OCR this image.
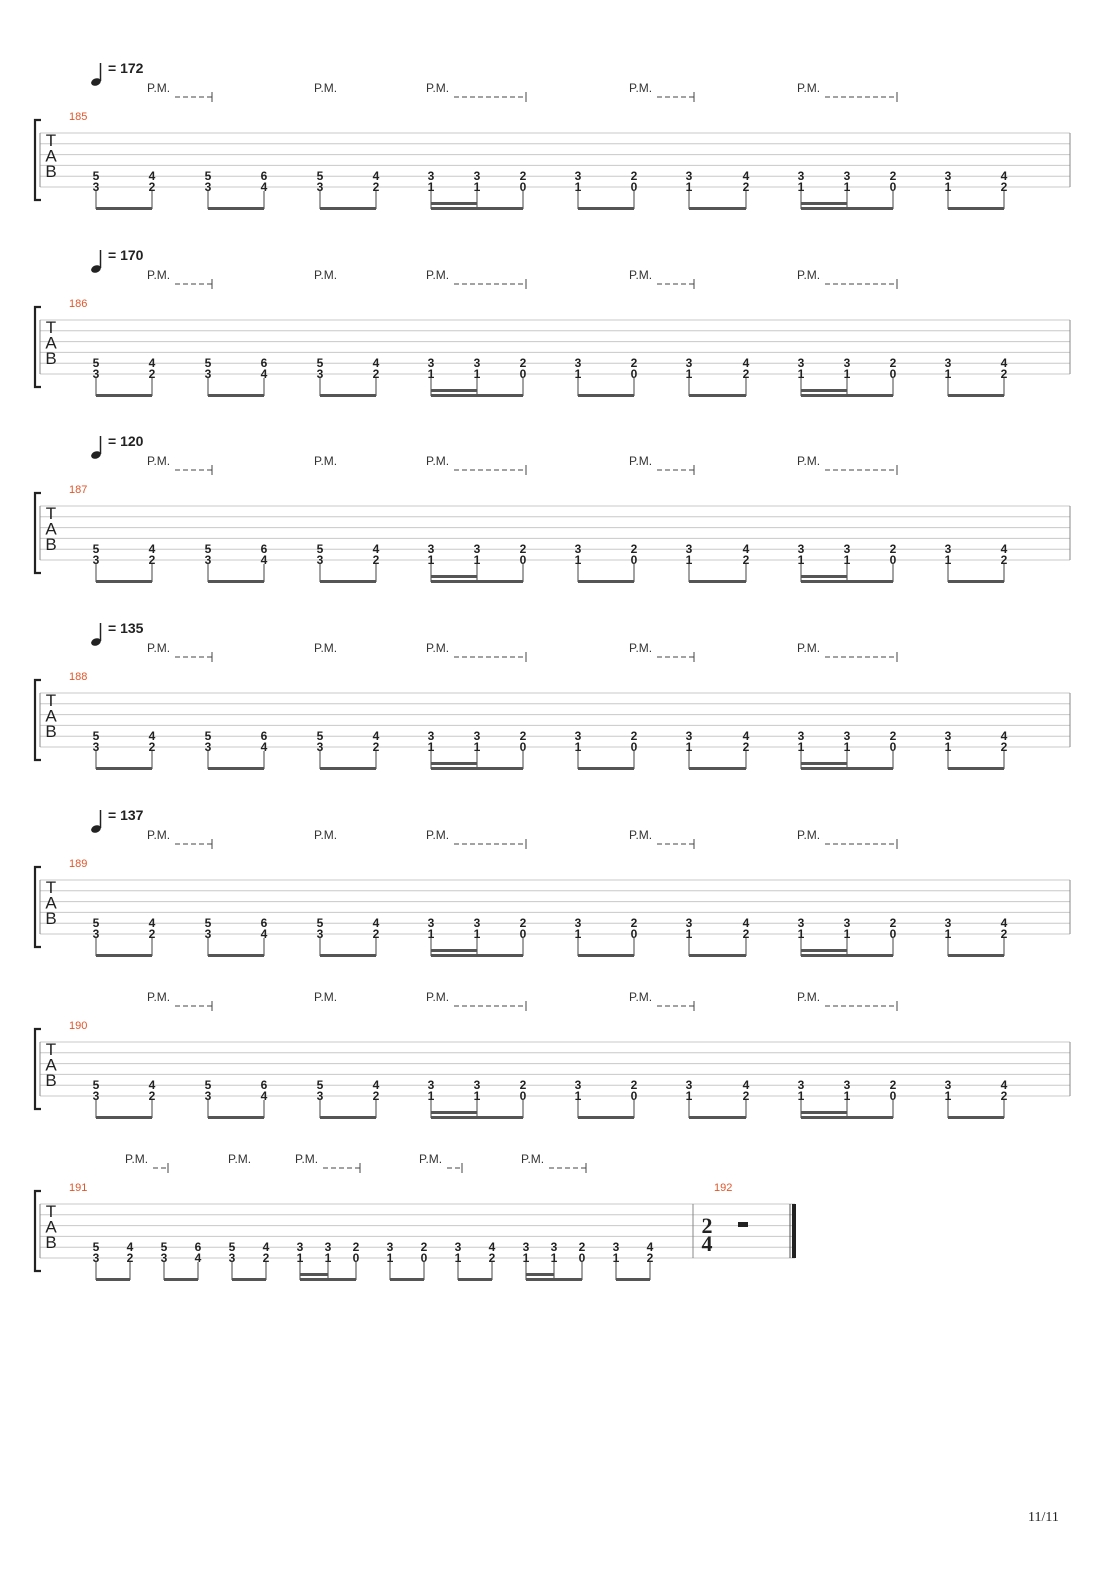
T
A
B
185
= 172
P.M.	P.M.	P.M.	P.M.	P.M.
5
3
4
2
5
3
6
4
5
3
4
2
3
1
3
1
2
0
3
1
2
0
3
1
4
2
3
1
3
1
2
0
3
1
4
2
T
A
B
186
= 170
P.M.	P.M.	P.M.	P.M.	P.M.
5
3
4
2
5
3
6
4
5
3
4
2
3
1
3
1
2
0
3
1
2
0
3
1
4
2
3
1
3
1
2
0
3
1
4
2
T
A
B
187
= 120
P.M.	P.M.	P.M.	P.M.	P.M.
5
3
4
2
5
3
6
4
5
3
4
2
3
1
3
1
2
0
3
1
2
0
3
1
4
2
3
1
3
1
2
0
3
1
4
2
T
A
B
188
= 135
P.M.	P.M.	P.M.	P.M.	P.M.
5
3
4
2
5
3
6
4
5
3
4
2
3
1
3
1
2
0
3
1
2
0
3
1
4
2
3
1
3
1
2
0
3
1
4
2
T
A
B
189
= 137
P.M.	P.M.	P.M.	P.M.	P.M.
5
3
4
2
5
3
6
4
5
3
4
2
3
1
3
1
2
0
3
1
2
0
3
1
4
2
3
1
3
1
2
0
3
1
4
2
T
A
B
190
P.M.	P.M.	P.M.	P.M.	P.M.
5
3
4
2
5
3
6
4
5
3
4
2
3
1
3
1
2
0
3
1
2
0
3
1
4
2
3
1
3
1
2
0
3
1
4
2
T
A
B
191
P.M.	P.M.	P.M.	P.M.	P.M.
5
3
4
2
5
3
6
4
5
3
4
2
3
1
3
1
2
0
3
1
2
0
3
1
4
2
3
1
3
1
2
0
3
1
4
2
192
2
4
11/11
